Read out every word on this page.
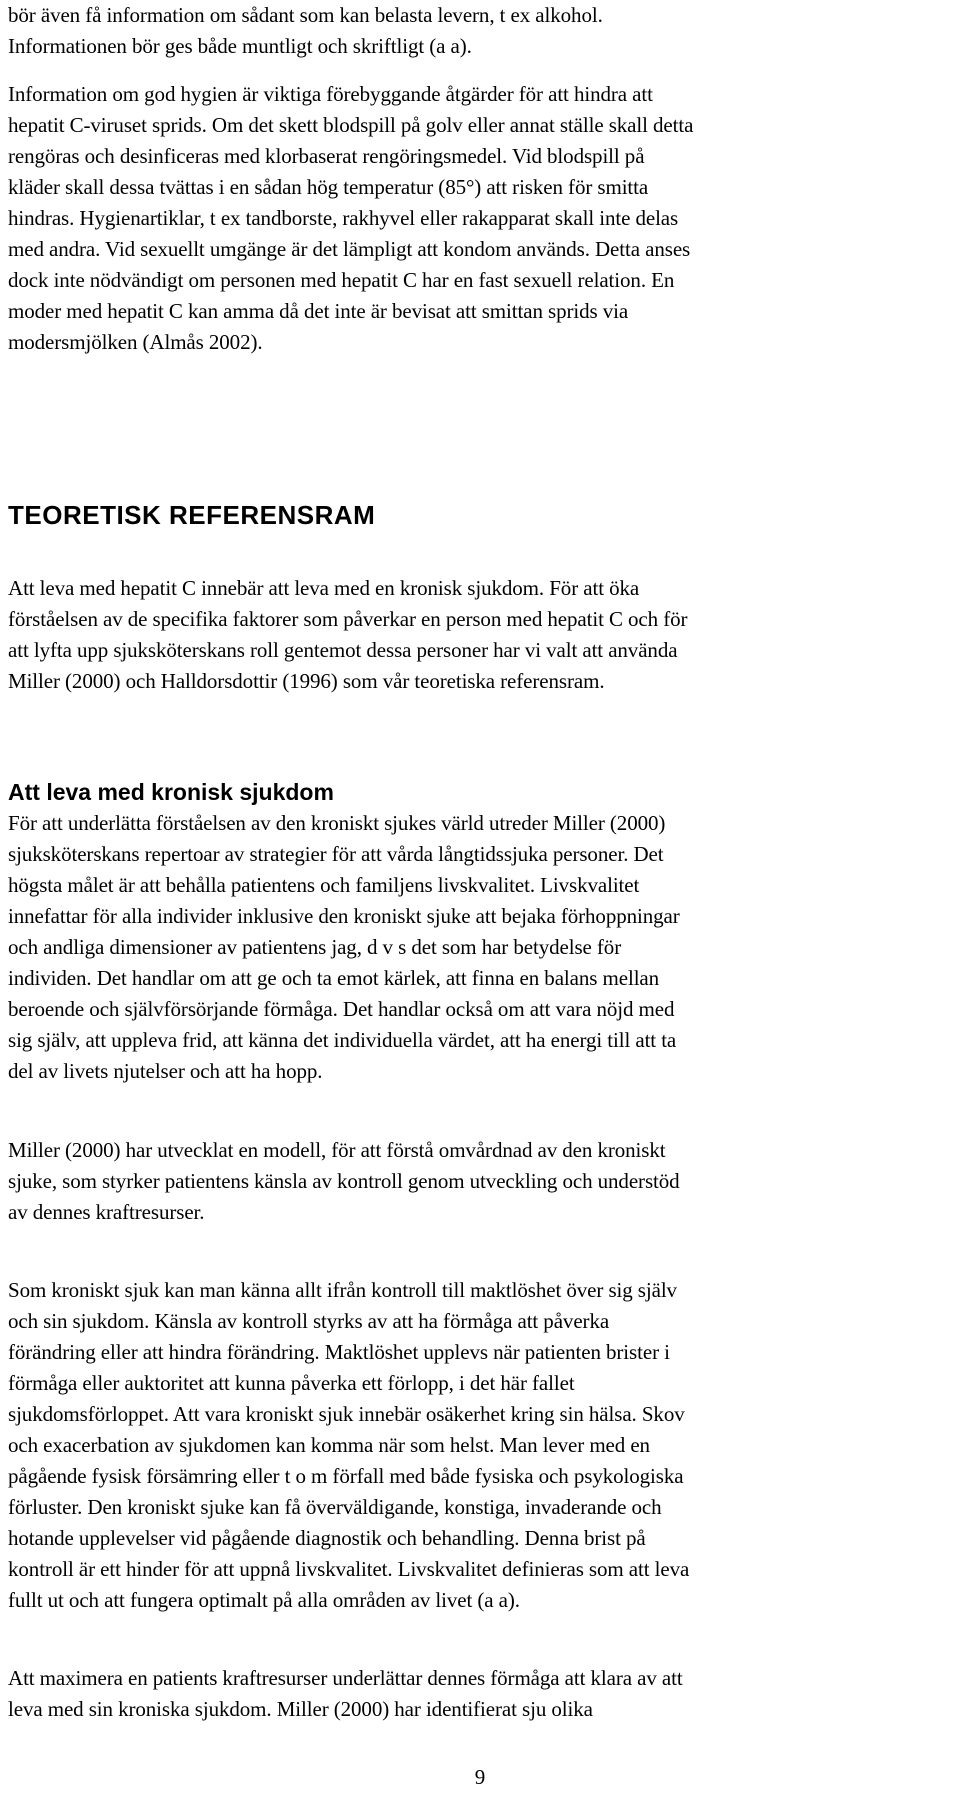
bör även få information om sådant som kan belasta levern, t ex alkohol.
Informationen bör ges både muntligt och skriftligt (a a).

Information om god hygien är viktiga förebyggande åtgärder för att hindra att
hepatit C-viruset sprids. Om det skett blodspill på golv eller annat ställe skall detta
rengöras och desinficeras med klorbaserat rengöringsmedel. Vid blodspill på
kläder skall dessa tvättas i en sådan hög temperatur (85°) att risken för smitta
hindras. Hygienartiklar, t ex tandborste, rakhyvel eller rakapparat skall inte delas
med andra. Vid sexuellt umgänge är det lämpligt att kondom används. Detta anses
dock inte nödvändigt om personen med hepatit C har en fast sexuell relation. En
moder med hepatit C kan amma då det inte är bevisat att smittan sprids via
modersmjölken (Almås 2002).

TEORETISK REFERENSRAM

Att leva med hepatit C innebär att leva med en kronisk sjukdom. För att öka
förståelsen av de specifika faktorer som påverkar en person med hepatit C och för
att lyfta upp sjuksköterskans roll gentemot dessa personer har vi valt att använda
Miller (2000) och Halldorsdottir (1996) som vår teoretiska referensram.

Att leva med kronisk sjukdom

För att underlätta förståelsen av den kroniskt sjukes värld utreder Miller (2000)
sjuksköterskans repertoar av strategier för att vårda långtidssjuka personer. Det
högsta målet är att behålla patientens och familjens livskvalitet. Livskvalitet
innefattar för alla individer inklusive den kroniskt sjuke att bejaka förhoppningar
och andliga dimensioner av patientens jag, d v s det som har betydelse för
individen. Det handlar om att ge och ta emot kärlek, att finna en balans mellan
beroende och självförsörjande förmåga. Det handlar också om att vara nöjd med
sig själv, att uppleva frid, att känna det individuella värdet, att ha energi till att ta
del av livets njutelser och att ha hopp.

Miller (2000) har utvecklat en modell, för att förstå omvårdnad av den kroniskt
sjuke, som styrker patientens känsla av kontroll genom utveckling och understöd
av dennes kraftresurser.

Som kroniskt sjuk kan man känna allt ifrån kontroll till maktlöshet över sig själv
och sin sjukdom. Känsla av kontroll styrks av att ha förmåga att påverka
förändring eller att hindra förändring. Maktlöshet upplevs när patienten brister i
förmåga eller auktoritet att kunna påverka ett förlopp, i det här fallet
sjukdomsförloppet. Att vara kroniskt sjuk innebär osäkerhet kring sin hälsa. Skov
och exacerbation av sjukdomen kan komma när som helst. Man lever med en
pågående fysisk försämring eller t o m förfall med både fysiska och psykologiska
förluster. Den kroniskt sjuke kan få överväldigande, konstiga, invaderande och
hotande upplevelser vid pågående diagnostik och behandling. Denna brist på
kontroll är ett hinder för att uppnå livskvalitet. Livskvalitet definieras som att leva
fullt ut och att fungera optimalt på alla områden av livet (a a).

Att maximera en patients kraftresurser underlättar dennes förmåga att klara av att
leva med sin kroniska sjukdom. Miller (2000) har identifierat sju olika

9
